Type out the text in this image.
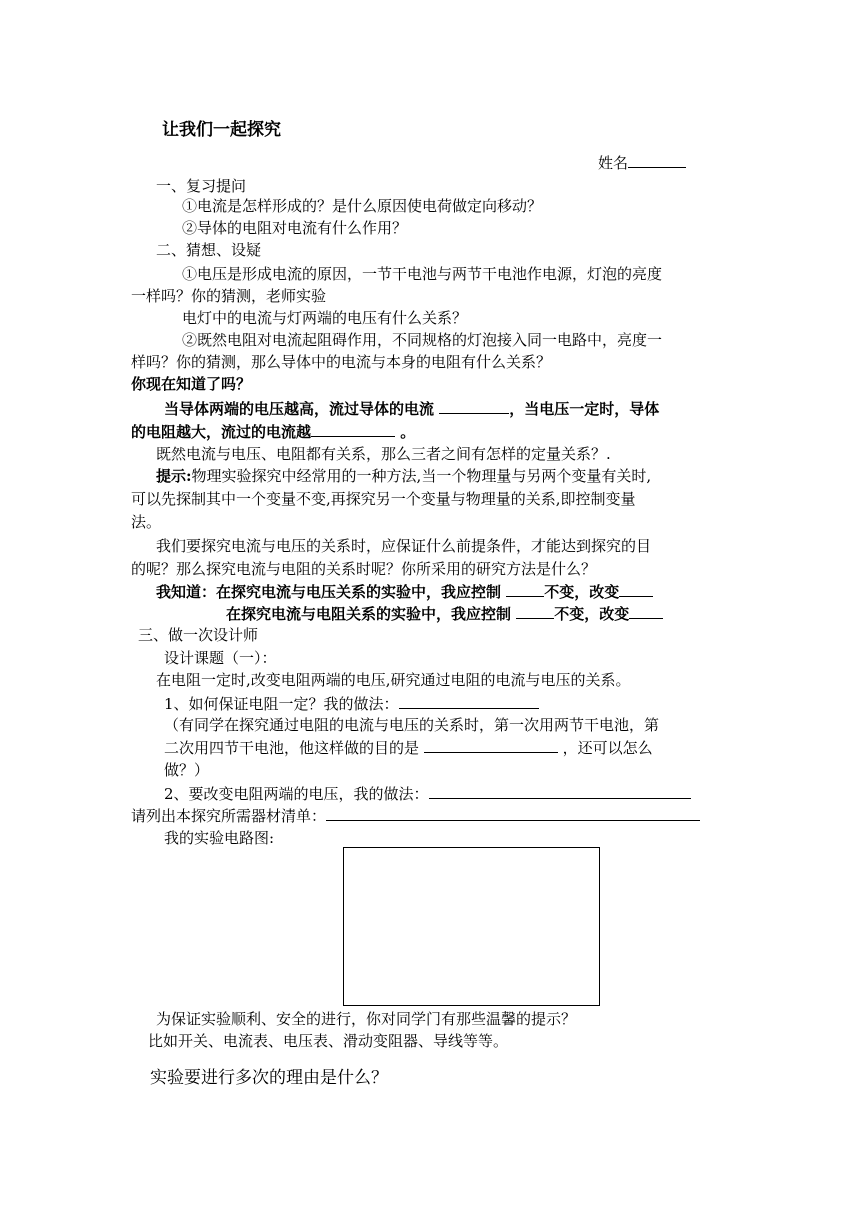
让我们一起探究
姓名
一、复习提问
①电流是怎样形成的？是什么原因使电荷做定向移动？
②导体的电阻对电流有什么作用？
二、猜想、设疑
①电压是形成电流的原因，一节干电池与两节干电池作电源，灯泡的亮度
一样吗？你的猜测，老师实验
电灯中的电流与灯两端的电压有什么关系？
②既然电阻对电流起阻碍作用，不同规格的灯泡接入同一电路中，亮度一
样吗？你的猜测，那么导体中的电流与本身的电阻有什么关系？
你现在知道了吗？
当导体两端的电压越高，流过导体的电流	，当电压一定时，导体
的电阻越大，流过的电流越	。
既然电流与电压、电阻都有关系，那么三者之间有怎样的定量关系？.
提示:物理实验探究中经常用的一种方法,当一个物理量与另两个变量有关时,
可以先探制其中一个变量不变,再探究另一个变量与物理量的关系,即控制变量
法。
我们要探究电流与电压的关系时，应保证什么前提条件，才能达到探究的目
的呢？那么探究电流与电阻的关系时呢？你所采用的研究方法是什么？
我知道：在探究电流与电压关系的实验中，我应控制	不变，改变
在探究电流与电阻关系的实验中，我应控制	不变，改变
三、做一次设计师
设计课题（一）：
在电阻一定时,改变电阻两端的电压,研究通过电阻的电流与电压的关系。
1、如何保证电阻一定？我的做法：
（有同学在探究通过电阻的电流与电压的关系时，第一次用两节干电池，第
二次用四节干电池，他这样做的目的是	，还可以怎么
做？）
2、要改变电阻两端的电压，我的做法：
请列出本探究所需器材清单：
我的实验电路图:
为保证实验顺利、安全的进行，你对同学门有那些温馨的提示？
比如开关、电流表、电压表、滑动变阻器、导线等等。
实验要进行多次的理由是什么？
